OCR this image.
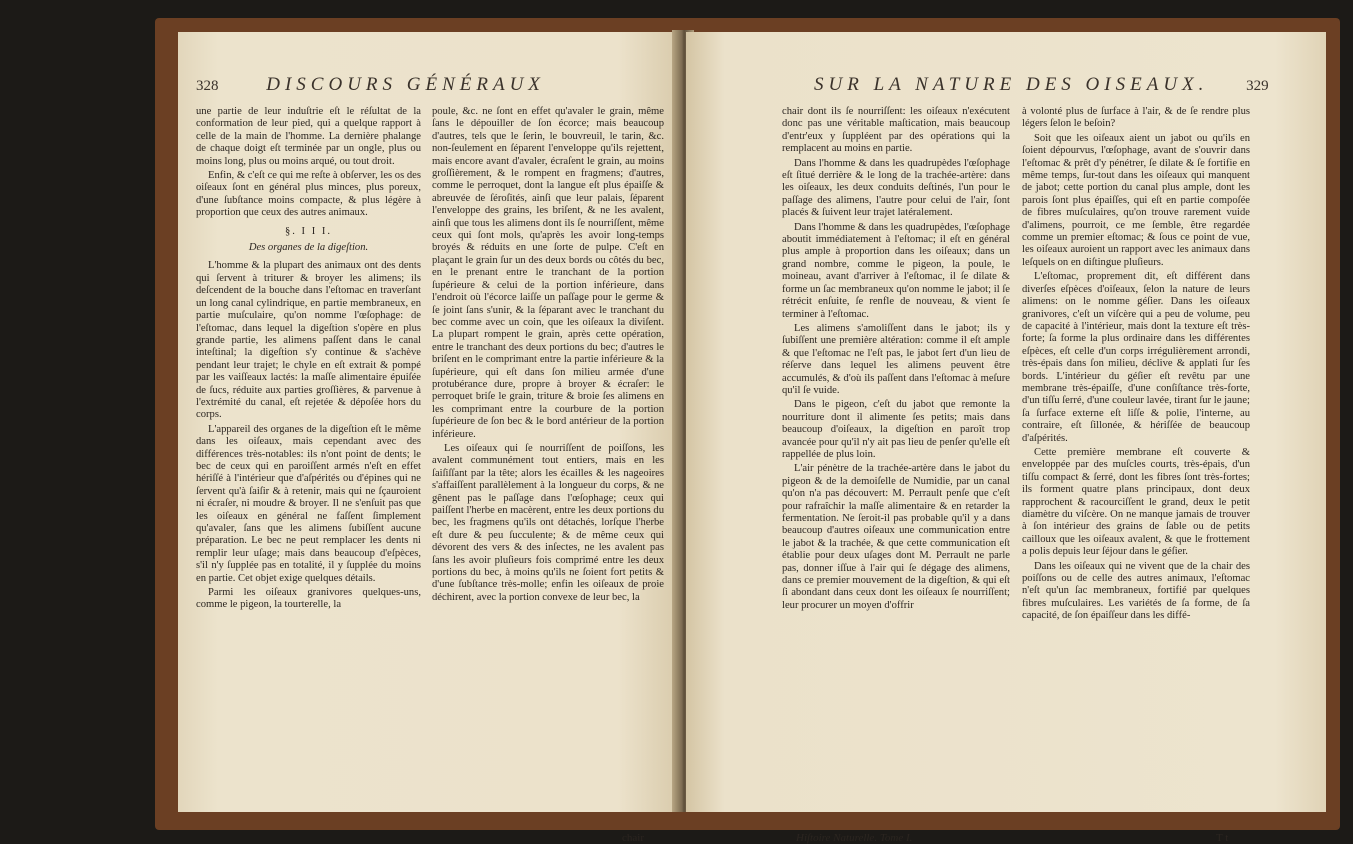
328	DISCOURS GÉNÉRAUX

une partie de leur induſtrie eſt le réſultat de la conformation de leur pied, qui a quelque rapport à celle de la main de l'homme. La dernière phalange de chaque doigt eſt terminée par un ongle, plus ou moins long, plus ou moins arqué, ou tout droit.

Enfin, & c'eſt ce qui me reſte à obſerver, les os des oiſeaux ſont en général plus minces, plus poreux, d'une ſubſtance moins compacte, & plus légère à proportion que ceux des autres animaux.

§. I I I.

Des organes de la digeſtion.

L'homme & la plupart des animaux ont des dents qui ſervent à triturer & broyer les alimens; ils deſcendent de la bouche dans l'eſtomac en traverſant un long canal cylindrique, en partie membraneux, en partie muſculaire, qu'on nomme l'œſophage: de l'eſtomac, dans lequel la digeſtion s'opère en plus grande partie, les alimens paſſent dans le canal inteſtinal; la digeſtion s'y continue & s'achève pendant leur trajet; le chyle en eſt extrait & pompé par les vaiſſeaux lactés: la maſſe alimentaire épuiſée de ſucs, réduite aux parties groſſières, & parvenue à l'extrémité du canal, eſt rejetée & dépoſée hors du corps.

L'appareil des organes de la digeſtion eſt le même dans les oiſeaux, mais cependant avec des différences très-notables: ils n'ont point de dents; le bec de ceux qui en paroiſſent armés n'eſt en effet hériſſé à l'intérieur que d'aſpérités ou d'épines qui ne ſervent qu'à ſaiſir & à retenir, mais qui ne ſçauroient ni écraſer, ni moudre & broyer. Il ne s'enſuit pas que les oiſeaux en général ne faſſent ſimplement qu'avaler, ſans que les alimens ſubiſſent aucune préparation. Le bec ne peut remplacer les dents ni remplir leur uſage; mais dans beaucoup d'eſpèces, s'il n'y ſupplée pas en totalité, il y ſupplée du moins en partie. Cet objet exige quelques détails.

Parmi les oiſeaux granivores quelques-uns, comme le pigeon, la tourterelle, la

poule, &c. ne ſont en effet qu'avaler le grain, même ſans le dépouiller de ſon écorce; mais beaucoup d'autres, tels que le ſerin, le bouvreuil, le tarin, &c. non-ſeulement en ſéparent l'enveloppe qu'ils rejettent, mais encore avant d'avaler, écraſent le grain, au moins groſſièrement, & le rompent en fragmens; d'autres, comme le perroquet, dont la langue eſt plus épaiſſe & abreuvée de ſéroſités, ainſi que leur palais, ſéparent l'enveloppe des grains, les briſent, & ne les avalent, ainſi que tous les alimens dont ils ſe nourriſſent, même ceux qui ſont mols, qu'après les avoir long-temps broyés & réduits en une ſorte de pulpe. C'eſt en plaçant le grain ſur un des deux bords ou côtés du bec, en le prenant entre le tranchant de la portion ſupérieure & celui de la portion inférieure, dans l'endroit où l'écorce laiſſe un paſſage pour le germe & ſe joint ſans s'unir, & la ſéparant avec le tranchant du bec comme avec un coin, que les oiſeaux la diviſent. La plupart rompent le grain, après cette opération, entre le tranchant des deux portions du bec; d'autres le briſent en le comprimant entre la partie inférieure & la ſupérieure, qui eſt dans ſon milieu armée d'une protubérance dure, propre à broyer & écraſer: le perroquet briſe le grain, triture & broie ſes alimens en les comprimant entre la courbure de la portion ſupérieure de ſon bec & le bord antérieur de la portion inférieure.

Les oiſeaux qui ſe nourriſſent de poiſſons, les avalent communément tout entiers, mais en les ſaiſiſſant par la tête; alors les écailles & les nageoires s'affaiſſent parallèlement à la longueur du corps, & ne gênent pas le paſſage dans l'œſophage; ceux qui paiſſent l'herbe en macèrent, entre les deux portions du bec, les fragmens qu'ils ont détachés, lorſque l'herbe eſt dure & peu ſucculente; & de même ceux qui dévorent des vers & des inſectes, ne les avalent pas ſans les avoir pluſieurs fois comprimé entre les deux portions du bec, à moins qu'ils ne ſoient fort petits & d'une ſubſtance très-molle; enfin les oiſeaux de proie déchirent, avec la portion convexe de leur bec, la

chair
SUR LA NATURE DES OISEAUX.	329

chair dont ils ſe nourriſſent: les oiſeaux n'exécutent donc pas une véritable maſtication, mais beaucoup d'entr'eux y ſuppléent par des opérations qui la remplacent au moins en partie.

Dans l'homme & dans les quadrupèdes l'œſophage eſt ſitué derrière & le long de la trachée-artère: dans les oiſeaux, les deux conduits deſtinés, l'un pour le paſſage des alimens, l'autre pour celui de l'air, ſont placés & ſuivent leur trajet latéralement.

Dans l'homme & dans les quadrupèdes, l'œſophage aboutit immédiatement à l'eſtomac; il eſt en général plus ample à proportion dans les oiſeaux; dans un grand nombre, comme le pigeon, la poule, le moineau, avant d'arriver à l'eſtomac, il ſe dilate & forme un ſac membraneux qu'on nomme le jabot; il ſe rétrécit enſuite, ſe renfle de nouveau, & vient ſe terminer à l'eſtomac.

Les alimens s'amoliſſent dans le jabot; ils y ſubiſſent une première altération: comme il eſt ample & que l'eſtomac ne l'eſt pas, le jabot ſert d'un lieu de réſerve dans lequel les alimens peuvent être accumulés, & d'où ils paſſent dans l'eſtomac à meſure qu'il ſe vuide.

Dans le pigeon, c'eſt du jabot que remonte la nourriture dont il alimente ſes petits; mais dans beaucoup d'oiſeaux, la digeſtion en paroît trop avancée pour qu'il n'y ait pas lieu de penſer qu'elle eſt rappellée de plus loin.

L'air pénètre de la trachée-artère dans le jabot du pigeon & de la demoiſelle de Numidie, par un canal qu'on n'a pas découvert: M. Perrault penſe que c'eſt pour rafraîchir la maſſe alimentaire & en retarder la fermentation. Ne ſeroit-il pas probable qu'il y a dans beaucoup d'autres oiſeaux une communication entre le jabot & la trachée, & que cette communication eſt établie pour deux uſages dont M. Perrault ne parle pas, donner iſſue à l'air qui ſe dégage des alimens, dans ce premier mouvement de la digeſtion, & qui eſt ſi abondant dans ceux dont les oiſeaux ſe nourriſſent; leur procurer un moyen d'offrir

à volonté plus de ſurface à l'air, & de ſe rendre plus légers ſelon le beſoin?

Soit que les oiſeaux aient un jabot ou qu'ils en ſoient dépourvus, l'œſophage, avant de s'ouvrir dans l'eſtomac & prêt d'y pénétrer, ſe dilate & ſe fortifie en même temps, ſur-tout dans les oiſeaux qui manquent de jabot; cette portion du canal plus ample, dont les parois ſont plus épaiſſes, qui eſt en partie compoſée de fibres muſculaires, qu'on trouve rarement vuide d'alimens, pourroit, ce me ſemble, être regardée comme un premier eſtomac; & ſous ce point de vue, les oiſeaux auroient un rapport avec les animaux dans leſquels on en diſtingue pluſieurs.

L'eſtomac, proprement dit, eſt différent dans diverſes eſpèces d'oiſeaux, ſelon la nature de leurs alimens: on le nomme géſier. Dans les oiſeaux granivores, c'eſt un viſcère qui a peu de volume, peu de capacité à l'intérieur, mais dont la texture eſt très-forte; ſa forme la plus ordinaire dans les différentes eſpèces, eſt celle d'un corps irrégulièrement arrondi, très-épais dans ſon milieu, déclive & applati ſur ſes bords. L'intérieur du géſier eſt revêtu par une membrane très-épaiſſe, d'une conſiſtance très-forte, d'un tiſſu ſerré, d'une couleur lavée, tirant ſur le jaune; ſa ſurface externe eſt liſſe & polie, l'interne, au contraire, eſt ſillonée, & hériſſée de beaucoup d'aſpérités.

Cette première membrane eſt couverte & enveloppée par des muſcles courts, très-épais, d'un tiſſu compact & ſerré, dont les fibres ſont très-fortes; ils forment quatre plans principaux, dont deux rapprochent & racourciſſent le grand, deux le petit diamètre du viſcère. On ne manque jamais de trouver à ſon intérieur des grains de ſable ou de petits cailloux que les oiſeaux avalent, & que le frottement a polis depuis leur ſéjour dans le géſier.

Dans les oiſeaux qui ne vivent que de la chair des poiſſons ou de celle des autres animaux, l'eſtomac n'eſt qu'un ſac membraneux, fortifié par quelques fibres muſculaires. Les variétés de ſa forme, de ſa capacité, de ſon épaiſſeur dans les diffé-

Hiſtoire Naturelle. Tome I.	T t
